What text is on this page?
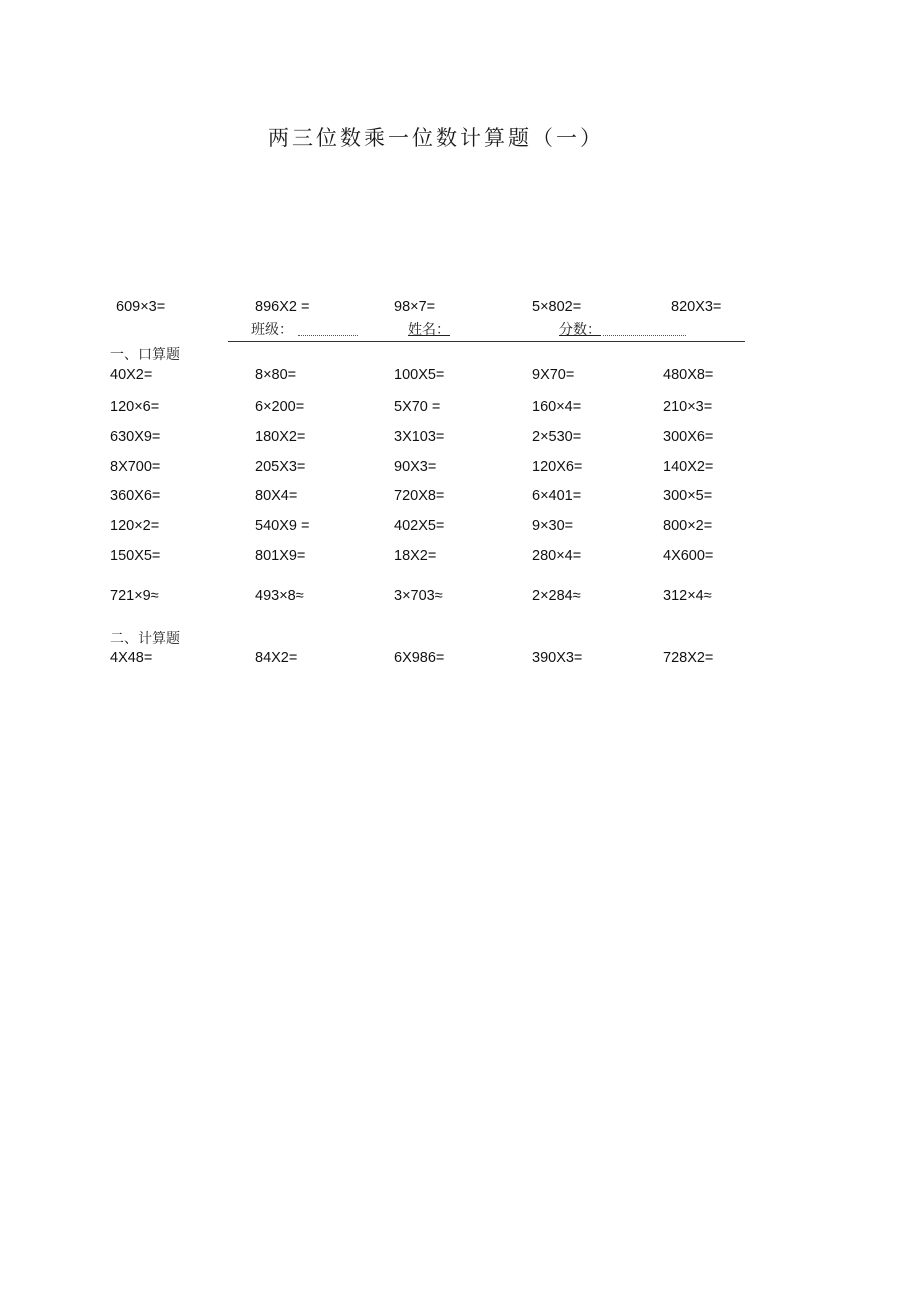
两三位数乘一位数计算题（一）
609×3=	896X2 =	98×7=	5×802=	820X3=
班级：	姓名：	分数：
一、口算题
40X2=	8×80=	100X5=	9X70=	480X8=
120×6=	6×200=	5X70 =	160×4=	210×3=
630X9=	180X2=	3X103=	2×530=	300X6=
8X700=	205X3=	90X3=	120X6=	140X2=
360X6=	80X4=	720X8=	6×401=	300×5=
120×2=	540X9 =	402X5=	9×30=	800×2=
150X5=	801X9=	18X2=	280×4=	4X600=
721×9≈	493×8≈	3×703≈	2×284≈	312×4≈
二、计算题
4X48=	84X2=	6X986=	390X3=	728X2=
